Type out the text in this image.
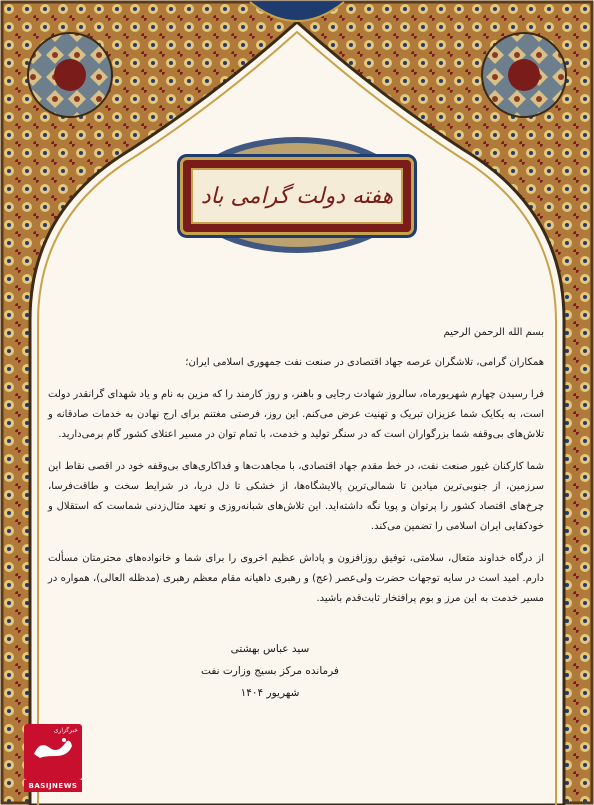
هفته دولت گرامی باد

بسم الله الرحمن الرحیم

همکاران گرامی، تلاشگران عرصه جهاد اقتصادی در صنعت نفت جمهوری اسلامی ایران؛

فرا رسیدن چهارم شهریورماه، سالروز شهادت رجایی و باهنر، و روز کارمند را که مزین به نام و یاد شهدای گرانقدر دولت است، به یکایک شما عزیزان تبریک و تهنیت عرض می‌کنم. این روز، فرصتی مغتنم برای ارج نهادن به خدمات صادقانه و تلاش‌های بی‌وقفه شما بزرگواران است که در سنگر تولید و خدمت، با تمام توان در مسیر اعتلای کشور گام برمی‌دارید.

شما کارکنان غیور صنعت نفت، در خط مقدم جهاد اقتصادی، با مجاهدت‌ها و فداکاری‌های بی‌وقفه خود در اقصی نقاط این سرزمین، از جنوبی‌ترین میادین تا شمالی‌ترین پالایشگاه‌ها، از خشکی تا دل دریا، در شرایط سخت و طاقت‌فرسا، چرخ‌های اقتصاد کشور را پرتوان و پویا نگه داشته‌اید. این تلاش‌های شبانه‌روزی و تعهد مثال‌زدنی شماست که استقلال و خودکفایی ایران اسلامی را تضمین می‌کند.

از درگاه خداوند متعال، سلامتی، توفیق روزافزون و پاداش عظیم اخروی را برای شما و خانواده‌های محترمتان مسألت دارم. امید است در سایه توجهات حضرت ولی‌عصر (عج) و رهبری داهیانه مقام معظم رهبری (مدظله العالی)، همواره در مسیر خدمت به این مرز و بوم پرافتخار ثابت‌قدم باشید.

سید عباس بهشتی
فرمانده مرکز بسیج وزارت نفت
شهریور ۱۴۰۴
خبرگزاری
BASIJNEWS
